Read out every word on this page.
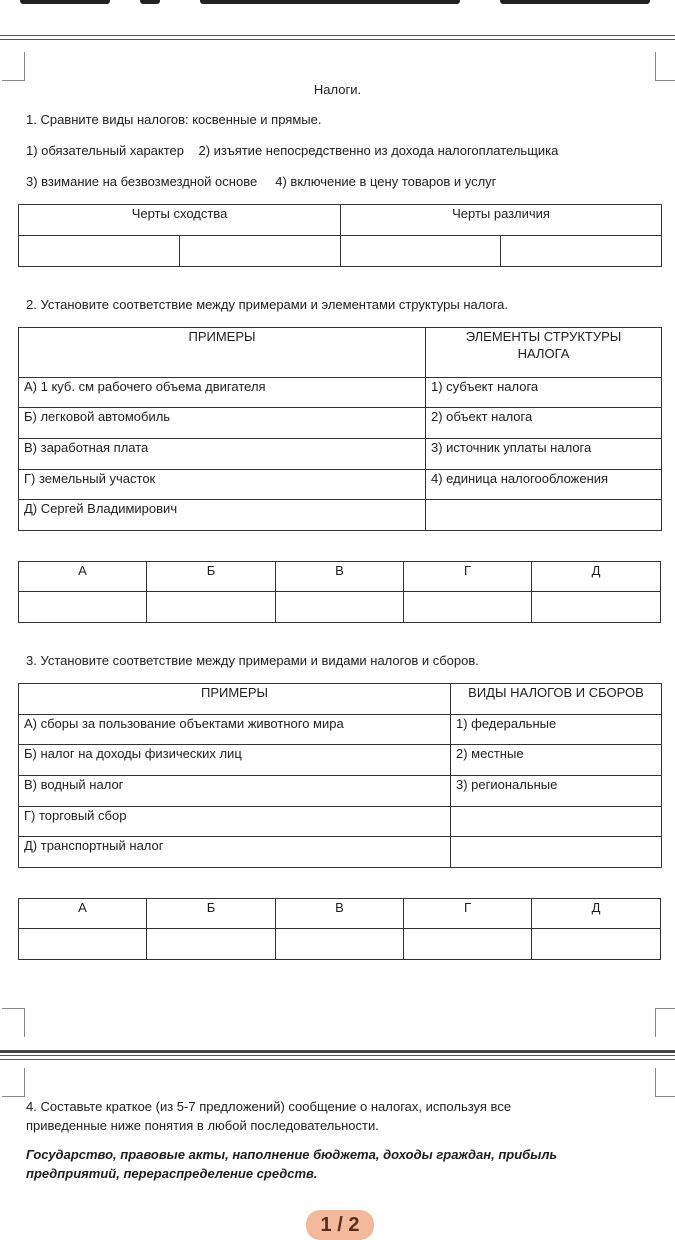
Налоги.
1. Сравните виды налогов: косвенные и прямые.
1) обязательный характер    2) изъятие непосредственно из дохода налогоплательщика
3) взимание на безвозмездной основе     4) включение в цену товаров и услуг
Черты сходства		Черты различия	

2. Установите соответствие между примерами и элементами структуры налога.
ПРИМЕРЫ	ЭЛЕМЕНТЫ СТРУКТУРЫ
НАЛОГА

А) 1 куб. см рабочего объема двигателя	1) субъект налога
Б) легковой автомобиль	2) объект налога
В) заработная плата	3) источник уплаты налога
Г) земельный участок	4) единица налогообложения
Д) Сергей Владимирович	
А	Б	В	Г	Д

3. Установите соответствие между примерами и видами налогов и сборов.
ПРИМЕРЫ	ВИДЫ НАЛОГОВ И СБОРОВ
А) сборы за пользование объектами животного мира	1) федеральные
Б) налог на доходы физических лиц	2) местные
В) водный налог	3) региональные
Г) торговый сбор	
Д) транспортный налог	
А	Б	В	Г	Д

4. Составьте краткое (из 5-7 предложений) сообщение о налогах, используя все
приведенные ниже понятия в любой последовательности.
Государство, правовые акты, наполнение бюджета, доходы граждан, прибыль
предприятий, перераспределение средств.
1 / 2
